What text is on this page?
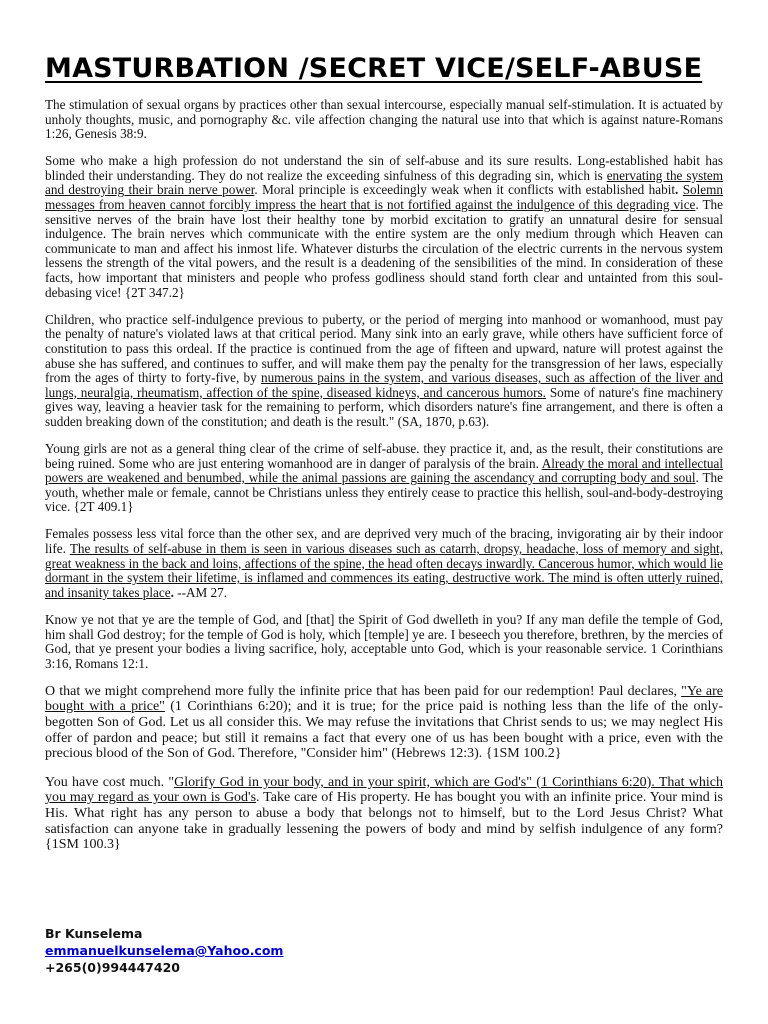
MASTURBATION /SECRET VICE/SELF-ABUSE

The stimulation of sexual organs by practices other than sexual intercourse, especially manual self-stimulation. It is actuated by unholy thoughts, music, and pornography &c. vile affection changing the natural use into that which is against nature-Romans 1:26, Genesis 38:9.

Some who make a high profession do not understand the sin of self-abuse and its sure results. Long-established habit has blinded their understanding. They do not realize the exceeding sinfulness of this degrading sin, which is enervating the system and destroying their brain nerve power. Moral principle is exceedingly weak when it conflicts with established habit. Solemn messages from heaven cannot forcibly impress the heart that is not fortified against the indulgence of this degrading vice. The sensitive nerves of the brain have lost their healthy tone by morbid excitation to gratify an unnatural desire for sensual indulgence. The brain nerves which communicate with the entire system are the only medium through which Heaven can communicate to man and affect his inmost life. Whatever disturbs the circulation of the electric currents in the nervous system lessens the strength of the vital powers, and the result is a deadening of the sensibilities of the mind. In consideration of these facts, how important that ministers and people who profess godliness should stand forth clear and untainted from this soul-debasing vice! {2T 347.2}

Children, who practice self-indulgence previous to puberty, or the period of merging into manhood or womanhood, must pay the penalty of nature's violated laws at that critical period. Many sink into an early grave, while others have sufficient force of constitution to pass this ordeal. If the practice is continued from the age of fifteen and upward, nature will protest against the abuse she has suffered, and continues to suffer, and will make them pay the penalty for the transgression of her laws, especially from the ages of thirty to forty-five, by numerous pains in the system, and various diseases, such as affection of the liver and lungs, neuralgia, rheumatism, affection of the spine, diseased kidneys, and cancerous humors. Some of nature's fine machinery gives way, leaving a heavier task for the remaining to perform, which disorders nature's fine arrangement, and there is often a sudden breaking down of the constitution; and death is the result." (SA, 1870, p.63).

Young girls are not as a general thing clear of the crime of self-abuse. they practice it, and, as the result, their constitutions are being ruined. Some who are just entering womanhood are in danger of paralysis of the brain. Already the moral and intellectual powers are weakened and benumbed, while the animal passions are gaining the ascendancy and corrupting body and soul. The youth, whether male or female, cannot be Christians unless they entirely cease to practice this hellish, soul-and-body-destroying vice. {2T 409.1}

Females possess less vital force than the other sex, and are deprived very much of the bracing, invigorating air by their indoor life. The results of self-abuse in them is seen in various diseases such as catarrh, dropsy, headache, loss of memory and sight, great weakness in the back and loins, affections of the spine, the head often decays inwardly. Cancerous humor, which would lie dormant in the system their lifetime, is inflamed and commences its eating, destructive work. The mind is often utterly ruined, and insanity takes place. --AM 27.

Know ye not that ye are the temple of God, and [that] the Spirit of God dwelleth in you? If any man defile the temple of God, him shall God destroy; for the temple of God is holy, which [temple] ye are. I beseech you therefore, brethren, by the mercies of God, that ye present your bodies a living sacrifice, holy, acceptable unto God, which is your reasonable service. 1 Corinthians 3:16, Romans 12:1.

O that we might comprehend more fully the infinite price that has been paid for our redemption! Paul declares, "Ye are bought with a price" (1 Corinthians 6:20); and it is true; for the price paid is nothing less than the life of the only-begotten Son of God. Let us all consider this. We may refuse the invitations that Christ sends to us; we may neglect His offer of pardon and peace; but still it remains a fact that every one of us has been bought with a price, even with the precious blood of the Son of God. Therefore, "Consider him" (Hebrews 12:3). {1SM 100.2}

You have cost much. "Glorify God in your body, and in your spirit, which are God's" (1 Corinthians 6:20). That which you may regard as your own is God's. Take care of His property. He has bought you with an infinite price. Your mind is His. What right has any person to abuse a body that belongs not to himself, but to the Lord Jesus Christ? What satisfaction can anyone take in gradually lessening the powers of body and mind by selfish indulgence of any form? {1SM 100.3}

Br Kunselema
emmanuelkunselema@Yahoo.com
+265(0)994447420
